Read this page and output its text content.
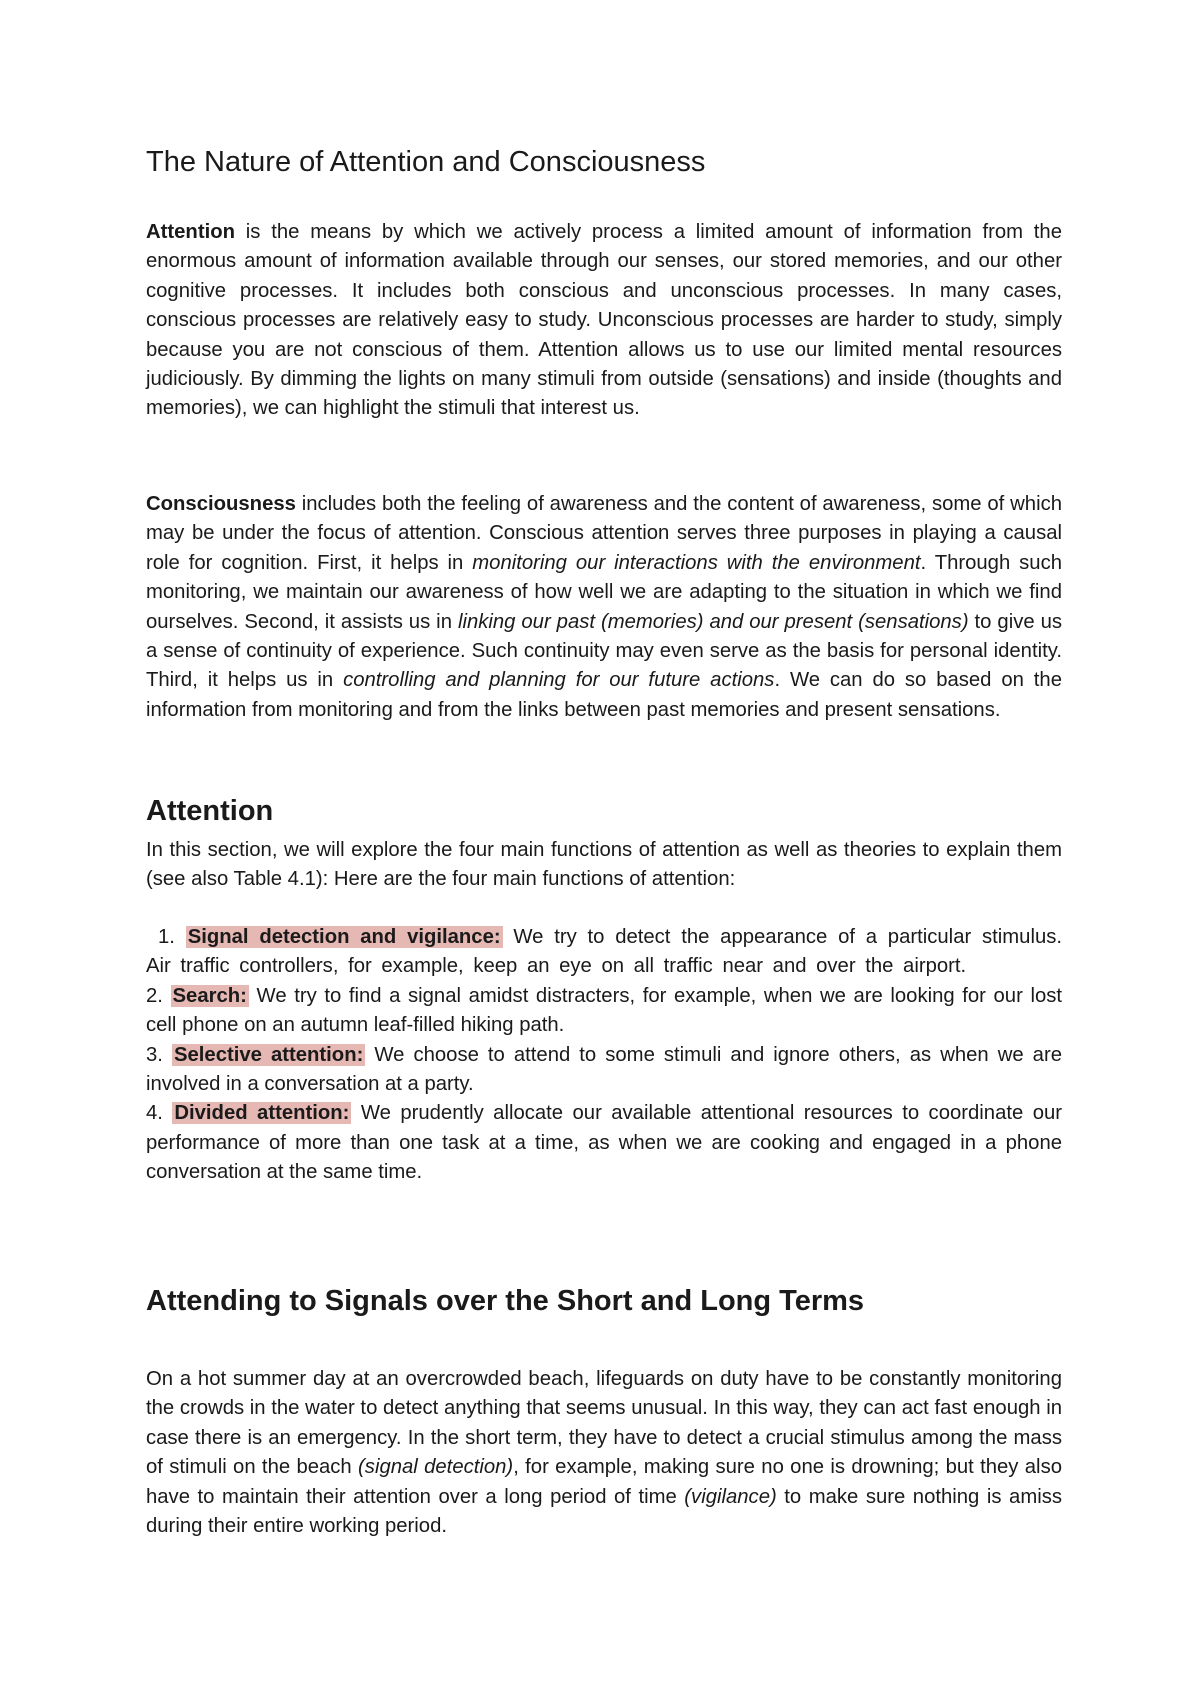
The Nature of Attention and Consciousness

Attention is the means by which we actively process a limited amount of information from the enormous amount of information available through our senses, our stored memories, and our other cognitive processes. It includes both conscious and unconscious processes. In many cases, conscious processes are relatively easy to study. Unconscious processes are harder to study, simply because you are not conscious of them. Attention allows us to use our limited mental resources judiciously. By dimming the lights on many stimuli from outside (sensations) and inside (thoughts and memories), we can highlight the stimuli that interest us.

Consciousness includes both the feeling of awareness and the content of awareness, some of which may be under the focus of attention. Conscious attention serves three purposes in playing a causal role for cognition. First, it helps in monitoring our interactions with the environment. Through such monitoring, we maintain our awareness of how well we are adapting to the situation in which we find ourselves. Second, it assists us in linking our past (memories) and our present (sensations) to give us a sense of continuity of experience. Such continuity may even serve as the basis for personal identity. Third, it helps us in controlling and planning for our future actions. We can do so based on the information from monitoring and from the links between past memories and present sensations.

Attention

In this section, we will explore the four main functions of attention as well as theories to explain them (see also Table 4.1): Here are the four main functions of attention:

1. Signal detection and vigilance: We try to detect the appearance of a particular stimulus. Air traffic controllers, for example, keep an eye on all traffic near and over the airport.

2. Search: We try to find a signal amidst distracters, for example, when we are looking for our lost cell phone on an autumn leaf-filled hiking path.

3. Selective attention: We choose to attend to some stimuli and ignore others, as when we are involved in a conversation at a party.

4. Divided attention: We prudently allocate our available attentional resources to coordinate our performance of more than one task at a time, as when we are cooking and engaged in a phone conversation at the same time.

Attending to Signals over the Short and Long Terms

On a hot summer day at an overcrowded beach, lifeguards on duty have to be constantly monitoring the crowds in the water to detect anything that seems unusual. In this way, they can act fast enough in case there is an emergency. In the short term, they have to detect a crucial stimulus among the mass of stimuli on the beach (signal detection), for example, making sure no one is drowning; but they also have to maintain their attention over a long period of time (vigilance) to make sure nothing is amiss during their entire working period.
